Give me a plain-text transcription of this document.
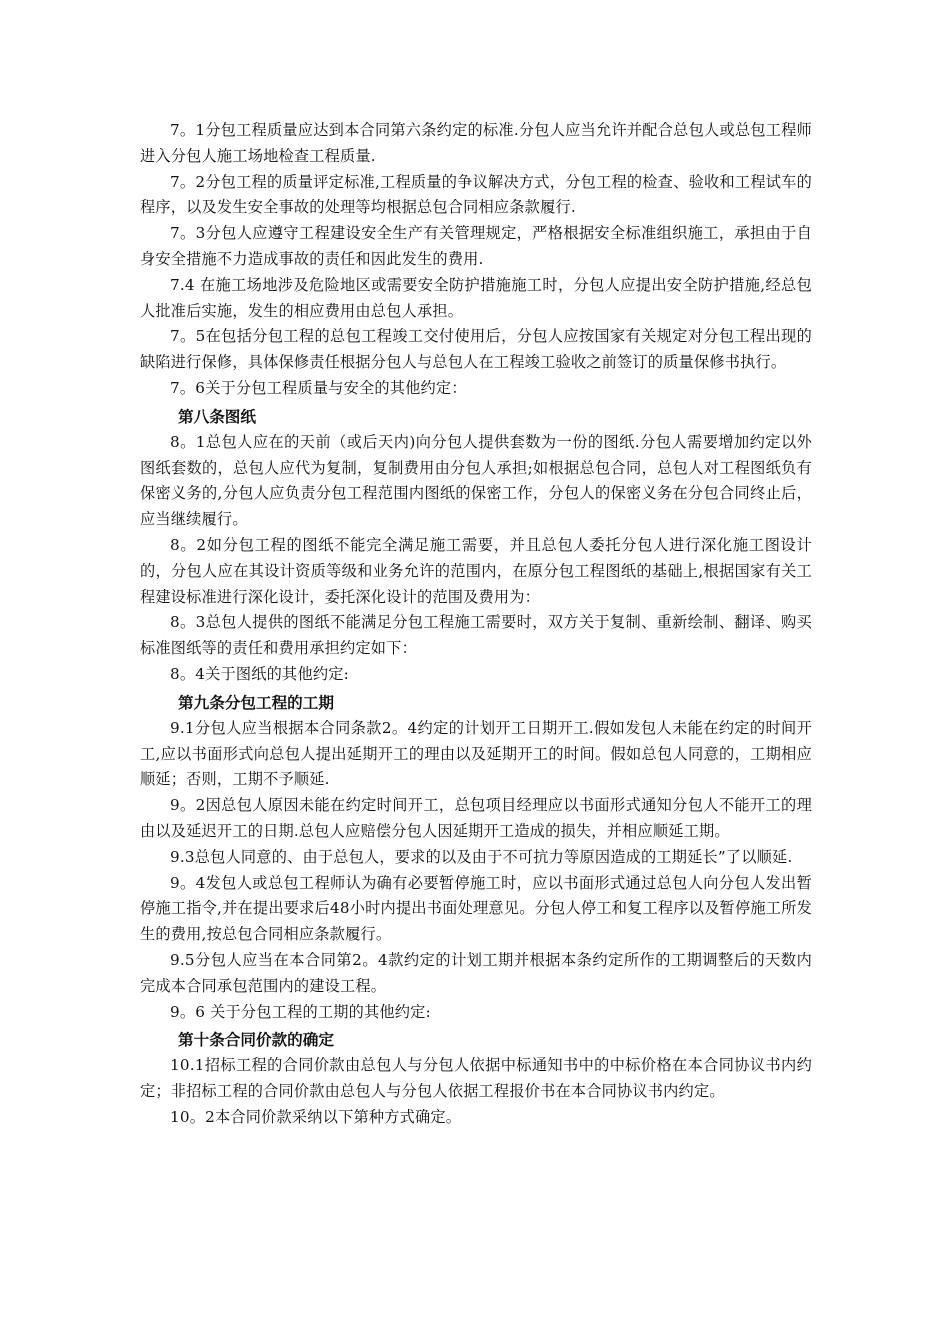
7。1分包工程质量应达到本合同第六条约定的标准.分包人应当允许并配合总包人或总包工程师进入分包人施工场地检查工程质量.

7。2分包工程的质量评定标准,工程质量的争议解决方式，分包工程的检查、验收和工程试车的程序，以及发生安全事故的处理等均根据总包合同相应条款履行.

7。3分包人应遵守工程建设安全生产有关管理规定，严格根据安全标准组织施工，承担由于自身安全措施不力造成事故的责任和因此发生的费用.

7.4 在施工场地涉及危险地区或需要安全防护措施施工时，分包人应提出安全防护措施,经总包人批准后实施，发生的相应费用由总包人承担。

7。5在包括分包工程的总包工程竣工交付使用后，分包人应按国家有关规定对分包工程出现的缺陷进行保修，具体保修责任根据分包人与总包人在工程竣工验收之前签订的质量保修书执行。

7。6关于分包工程质量与安全的其他约定：

第八条图纸

8。1总包人应在的天前（或后天内)向分包人提供套数为一份的图纸.分包人需要增加约定以外图纸套数的，总包人应代为复制，复制费用由分包人承担;如根据总包合同，总包人对工程图纸负有保密义务的,分包人应负责分包工程范围内图纸的保密工作，分包人的保密义务在分包合同终止后，应当继续履行。

8。2如分包工程的图纸不能完全满足施工需要，并且总包人委托分包人进行深化施工图设计的，分包人应在其设计资质等级和业务允许的范围内，在原分包工程图纸的基础上,根据国家有关工程建设标准进行深化设计，委托深化设计的范围及费用为：

8。3总包人提供的图纸不能满足分包工程施工需要时，双方关于复制、重新绘制、翻译、购买标准图纸等的责任和费用承担约定如下：

8。4关于图纸的其他约定:

第九条分包工程的工期

9.1分包人应当根据本合同条款2。4约定的计划开工日期开工.假如发包人未能在约定的时间开工,应以书面形式向总包人提出延期开工的理由以及延期开工的时间。假如总包人同意的，工期相应顺延；否则，工期不予顺延.

9。2因总包人原因未能在约定时间开工，总包项目经理应以书面形式通知分包人不能开工的理由以及延迟开工的日期.总包人应赔偿分包人因延期开工造成的损失，并相应顺延工期。

9.3总包人同意的、由于总包人，要求的以及由于不可抗力等原因造成的工期延长”了以顺延.

9。4发包人或总包工程师认为确有必要暂停施工时，应以书面形式通过总包人向分包人发出暂停施工指令,并在提出要求后48小时内提出书面处理意见。分包人停工和复工程序以及暂停施工所发生的费用,按总包合同相应条款履行。

9.5分包人应当在本合同第2。4款约定的计划工期并根据本条约定所作的工期调整后的天数内完成本合同承包范围内的建设工程。

9。6 关于分包工程的工期的其他约定:

第十条合同价款的确定

10.1招标工程的合同价款由总包人与分包人依据中标通知书中的中标价格在本合同协议书内约定；非招标工程的合同价款由总包人与分包人依据工程报价书在本合同协议书内约定。

10。2本合同价款采纳以下第种方式确定。
